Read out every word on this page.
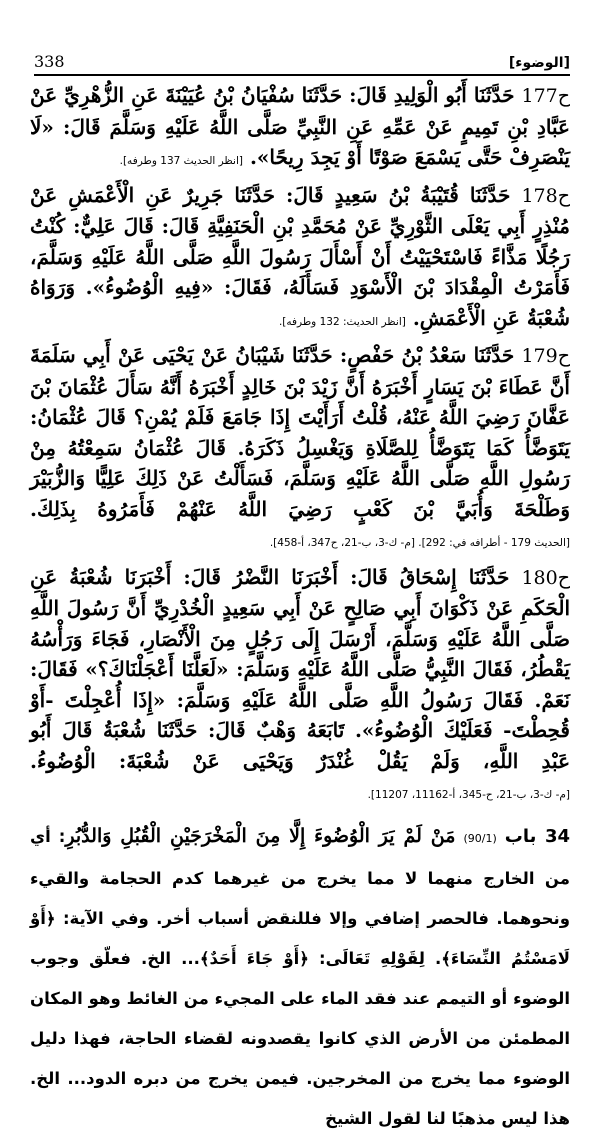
[الوضوء]
338

ح177 حَدَّثَنَا أَبُو الْوَلِيدِ قَالَ: حَدَّثَنَا سُفْيَانُ بْنُ عُيَيْنَةَ عَنِ الزُّهْرِيِّ عَنْ عَبَّادِ بْنِ تَمِيمٍ عَنْ عَمِّهِ عَنِ النَّبِيِّ صَلَّى اللَّهُ عَلَيْهِ وَسَلَّمَ قَالَ: «لَا يَنْصَرِفْ حَتَّى يَسْمَعَ صَوْتًا أَوْ يَجِدَ رِيحًا». [انظر الحديث 137 وطرفه].

ح178 حَدَّثَنَا قُتَيْبَةُ بْنُ سَعِيدٍ قَالَ: حَدَّثَنَا جَرِيرٌ عَنِ الْأَعْمَشِ عَنْ مُنْذِرٍ أَبِي يَعْلَى الثَّوْرِيِّ عَنْ مُحَمَّدِ بْنِ الْحَنَفِيَّةِ قَالَ: قَالَ عَلِيٌّ: كُنْتُ رَجُلًا مَذَّاءً فَاسْتَحْيَيْتُ أَنْ أَسْأَلَ رَسُولَ اللَّهِ صَلَّى اللَّهُ عَلَيْهِ وَسَلَّمَ، فَأَمَرْتُ الْمِقْدَادَ بْنَ الْأَسْوَدِ فَسَأَلَهُ، فَقَالَ: «فِيهِ الْوُضُوءُ». وَرَوَاهُ شُعْبَةُ عَنِ الْأَعْمَشِ. [انظر الحديث: 132 وطرفه].

ح179 حَدَّثَنَا سَعْدُ بْنُ حَفْصٍ: حَدَّثَنَا شَيْبَانُ عَنْ يَحْيَى عَنْ أَبِي سَلَمَةَ أَنَّ عَطَاءَ بْنَ يَسَارٍ أَخْبَرَهُ أَنَّ زَيْدَ بْنَ خَالِدٍ أَخْبَرَهُ أَنَّهُ سَأَلَ عُثْمَانَ بْنَ عَفَّانَ رَضِيَ اللَّهُ عَنْهُ، قُلْتُ أَرَأَيْتَ إِذَا جَامَعَ فَلَمْ يُمْنِ؟ قَالَ عُثْمَانُ: يَتَوَضَّأُ كَمَا يَتَوَضَّأُ لِلصَّلَاةِ وَيَغْسِلُ ذَكَرَهُ. قَالَ عُثْمَانُ سَمِعْتُهُ مِنْ رَسُولِ اللَّهِ صَلَّى اللَّهُ عَلَيْهِ وَسَلَّمَ، فَسَأَلْتُ عَنْ ذَلِكَ عَلِيًّا وَالزُّبَيْرَ وَطَلْحَةَ وَأُبَيَّ بْنَ كَعْبٍ رَضِيَ اللَّهُ عَنْهُمْ فَأَمَرُوهُ بِذَلِكَ. [الحديث 179 - أطرافه في: 292]. [م- ك-3، ب-21، ح347، أ-458].

ح180 حَدَّثَنَا إِسْحَاقُ قَالَ: أَخْبَرَنَا النَّضْرُ قَالَ: أَخْبَرَنَا شُعْبَةُ عَنِ الْحَكَمِ عَنْ ذَكْوَانَ أَبِي صَالِحٍ عَنْ أَبِي سَعِيدٍ الْخُدْرِيِّ أَنَّ رَسُولَ اللَّهِ صَلَّى اللَّهُ عَلَيْهِ وَسَلَّمَ، أَرْسَلَ إِلَى رَجُلٍ مِنَ الْأَنْصَارِ، فَجَاءَ وَرَأْسُهُ يَقْطُرُ، فَقَالَ النَّبِيُّ صَلَّى اللَّهُ عَلَيْهِ وَسَلَّمَ: «لَعَلَّنَا أَعْجَلْنَاكَ؟» فَقَالَ: نَعَمْ. فَقَالَ رَسُولُ اللَّهِ صَلَّى اللَّهُ عَلَيْهِ وَسَلَّمَ: «إِذَا أُعْجِلْتَ -أَوْ قُحِطْتَ- فَعَلَيْكَ الْوُضُوءُ». تَابَعَهُ وَهْبٌ قَالَ: حَدَّثَنَا شُعْبَةُ قَالَ أَبُو عَبْدِ اللَّهِ، وَلَمْ يَقُلْ غُنْدَرٌ وَيَحْيَى عَنْ شُعْبَةَ: الْوُضُوءُ. [م- ك-3، ب-21، ح-345، أ-11162، 11207].

34 باب (90/1) مَنْ لَمْ يَرَ الْوُضُوءَ إِلَّا مِنَ الْمَخْرَجَيْنِ الْقُبُلِ وَالدُّبُرِ: أي من الخارج منهما لا مما يخرج من غيرهما كدم الحجامة والقيء ونحوهما. فالحصر إضافي وإلا فللنقض أسباب أخر. وفي الآية: ﴿أَوْ لَامَسْتُمُ النِّسَاءَ﴾. لِقَوْلِهِ تَعَالَى: ﴿أَوْ جَاءَ أَحَدٌ﴾... الخ. فعلّق وجوب الوضوء أو التيمم عند فقد الماء على المجيء من الغائط وهو المكان المطمئن من الأرض الذي كانوا يقصدونه لقضاء الحاجة، فهذا دليل الوضوء مما يخرج من المخرجين. فيمن يخرج من دبره الدود... الخ. هذا ليس مذهبًا لنا لقول الشيخ
